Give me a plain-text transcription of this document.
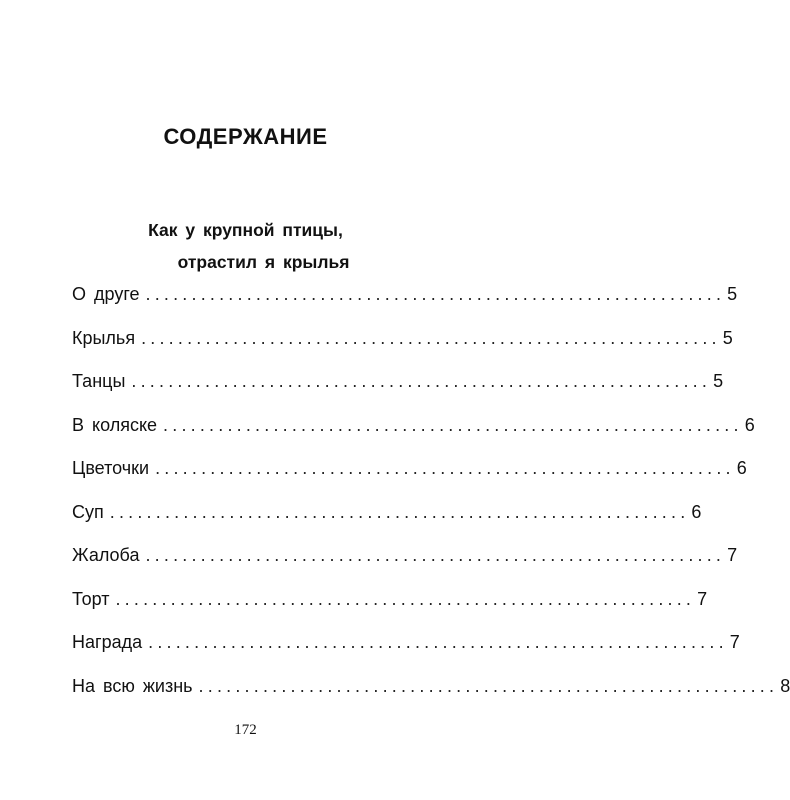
СОДЕРЖАНИЕ
Как у крупной птицы,
отрастил я крылья
О друге ............................................................... 5
Крылья ............................................................... 5
Танцы ............................................................... 5
В коляске ............................................................... 6
Цветочки ............................................................... 6
Суп ............................................................... 6
Жалоба ............................................................... 7
Торт ............................................................... 7
Награда ............................................................... 7
На всю жизнь ............................................................... 8
172
